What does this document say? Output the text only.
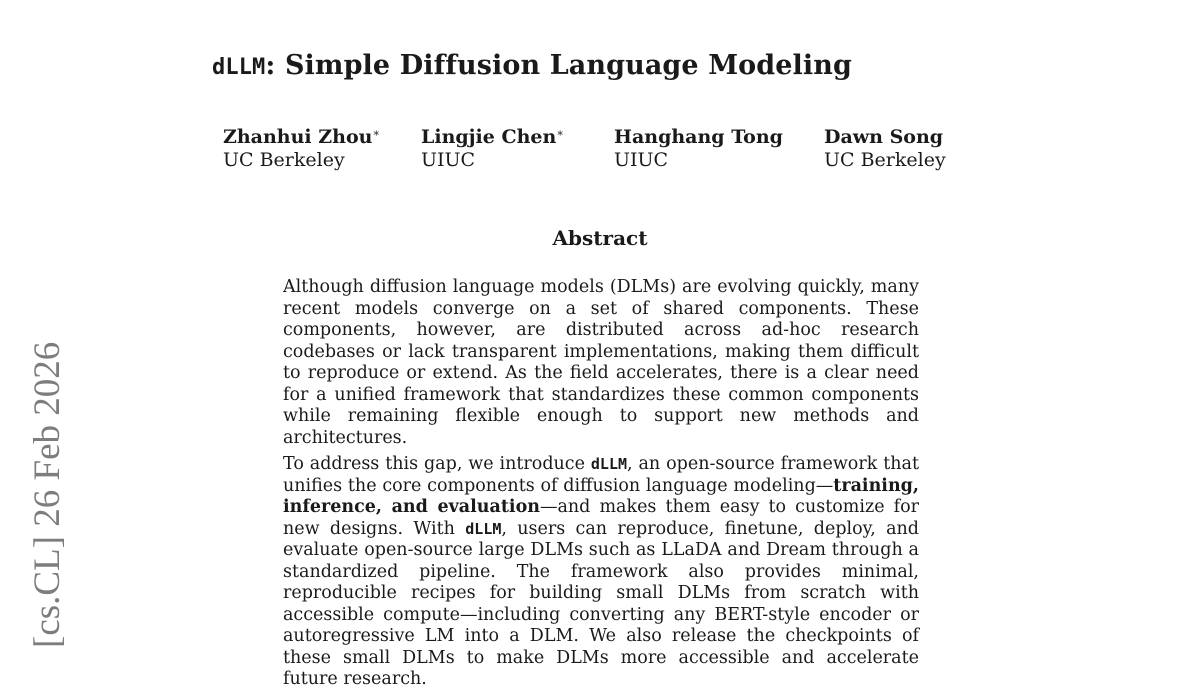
dLLM: Simple Diffusion Language Modeling
Zhanhui Zhou*
UC Berkeley
Lingjie Chen*
UIUC
Hanghang Tong
UIUC
Dawn Song
UC Berkeley
Abstract

Although diffusion language models (DLMs) are evolving quickly, many recent models converge on a set of shared components. These components, however, are distributed across ad-hoc research codebases or lack transparent implementations, making them difficult to reproduce or extend. As the field accelerates, there is a clear need for a unified framework that standardizes these common components while remaining flexible enough to support new methods and architectures.

To address this gap, we introduce dLLM, an open-source framework that unifies the core components of diffusion language modeling—training, inference, and evaluation—and makes them easy to customize for new designs. With dLLM, users can reproduce, finetune, deploy, and evaluate open-source large DLMs such as LLaDA and Dream through a standardized pipeline. The framework also provides minimal, reproducible recipes for building small DLMs from scratch with accessible compute—including converting any BERT-style encoder or autoregressive LM into a DLM. We also release the checkpoints of these small DLMs to make DLMs more accessible and accelerate future research.

[cs.CL] 26 Feb 2026
